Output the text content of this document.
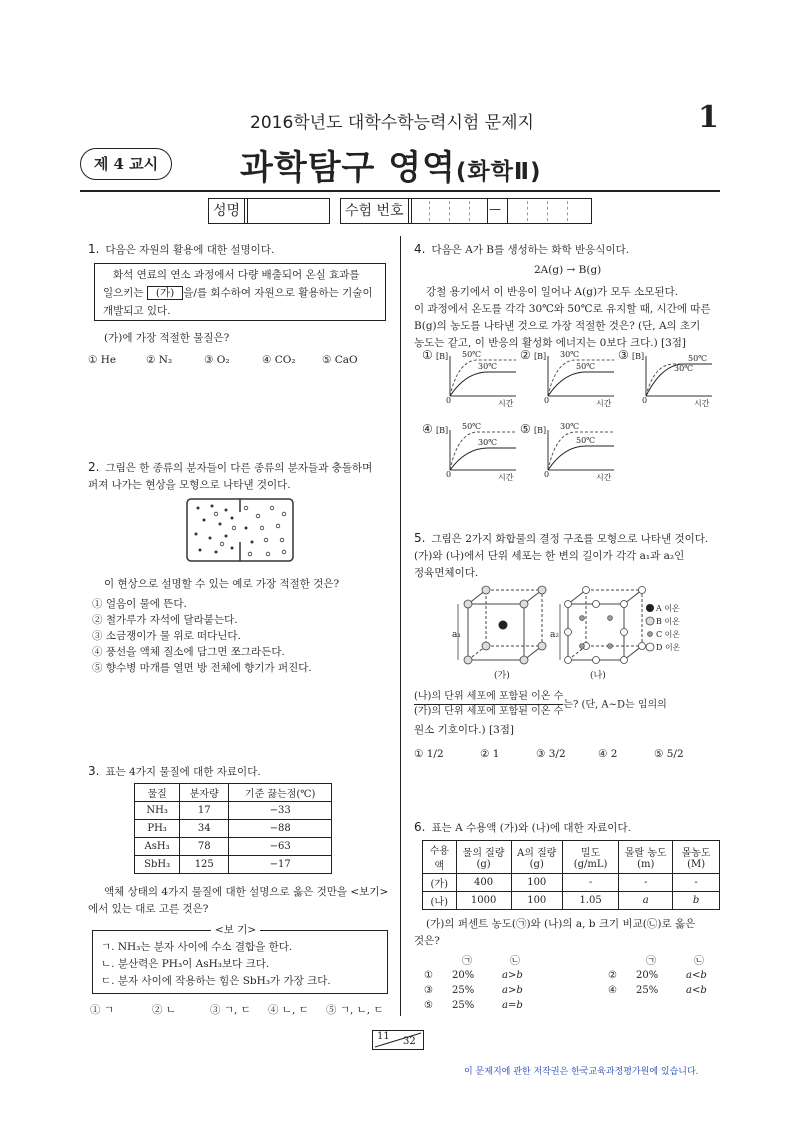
2016학년도 대학수학능력시험 문제지	1
제 4 교시	과학탐구 영역(화학Ⅱ)
성명	수험 번호	—
1. 다음은 자원의 활용에 대한 설명이다.
화석 연료의 연소 과정에서 다량 배출되어 온실 효과를
일으키는 (가) 을/를 회수하여 자원으로 활용하는 기술이
개발되고 있다.
(가)에 가장 적절한 물질은?
① He	② N₂	③ O₂	④ CO₂	⑤ CaO
2. 그림은 한 종류의 분자들이 다른 종류의 분자들과 충돌하며
퍼져 나가는 현상을 모형으로 나타낸 것이다.
이 현상으로 설명할 수 있는 예로 가장 적절한 것은?
① 얼음이 물에 뜬다.
② 철가루가 자석에 달라붙는다.
③ 소금쟁이가 물 위로 떠다닌다.
④ 풍선을 액체 질소에 담그면 쪼그라든다.
⑤ 향수병 마개를 열면 방 전체에 향기가 퍼진다.
3. 표는 4가지 물질에 대한 자료이다.
물질	분자량	기준 끓는점(℃)
NH₃	17	−33
PH₃	34	−88
AsH₃	78	−63
SbH₃	125	−17
액체 상태의 4가지 물질에 대한 설명으로 옳은 것만을 <보기>
에서 있는 대로 고른 것은?
<보 기>
ㄱ. NH₃는 분자 사이에 수소 결합을 한다.
ㄴ. 분산력은 PH₃이 AsH₃보다 크다.
ㄷ. 분자 사이에 작용하는 힘은 SbH₃가 가장 크다.
① ㄱ	② ㄴ	③ ㄱ, ㄷ ④ ㄴ, ㄷ ⑤ ㄱ, ㄴ, ㄷ
4. 다음은 A가 B를 생성하는 화학 반응식이다.
2A(g) → B(g)
강철 용기에서 이 반응이 일어나 A(g)가 모두 소모된다.
이 과정에서 온도를 각각 30℃와 50℃로 유지할 때, 시간에 따른
B(g)의 농도를 나타낸 것으로 가장 적절한 것은? (단, A의 초기
농도는 같고, 이 반응의 활성화 에너지는 0보다 크다.) [3점]
① [B]
0	시간
50℃
30℃
② [B]
0	시간
30℃
50℃
③ [B]
0	시간
50℃
30℃
④ [B]
0	시간
50℃
30℃
⑤ [B]
0	시간
30℃
50℃
5. 그림은 2가지 화합물의 결정 구조를 모형으로 나타낸 것이다.
(가)와 (나)에서 단위 세포는 한 변의 길이가 각각 a₁과 a₂인
정육면체이다.
a₁	a₂
(가)	(나)
A 이온
B 이온
C 이온
D 이온
(나)의 단위 세포에 포함된 이온 수
(가)의 단위 세포에 포함된 이온 수
는? (단, A~D는 임의의
원소 기호이다.) [3점]
① 1/2	② 1	③ 3/2	④ 2	⑤ 5/2
6. 표는 A 수용액 (가)와 (나)에 대한 자료이다.
수용액	물의 질량 (g)	A의 질량 (g)	밀도 (g/mL)	몰랄 농도 (m)	몰농도 (M)
(가)	400	100	-	-	-
(나)	1000	100	1.05	a	b
(가)의 퍼센트 농도(㉠)와 (나)의 a, b 크기 비교(㉡)로 옳은
것은?
㉠	㉡	㉠	㉡
① 20%	a>b	② 20%	a<b
③ 25%	a>b	④ 25%	a<b
⑤ 25%	a=b
11 32
이 문제지에 관한 저작권은 한국교육과정평가원에 있습니다.
